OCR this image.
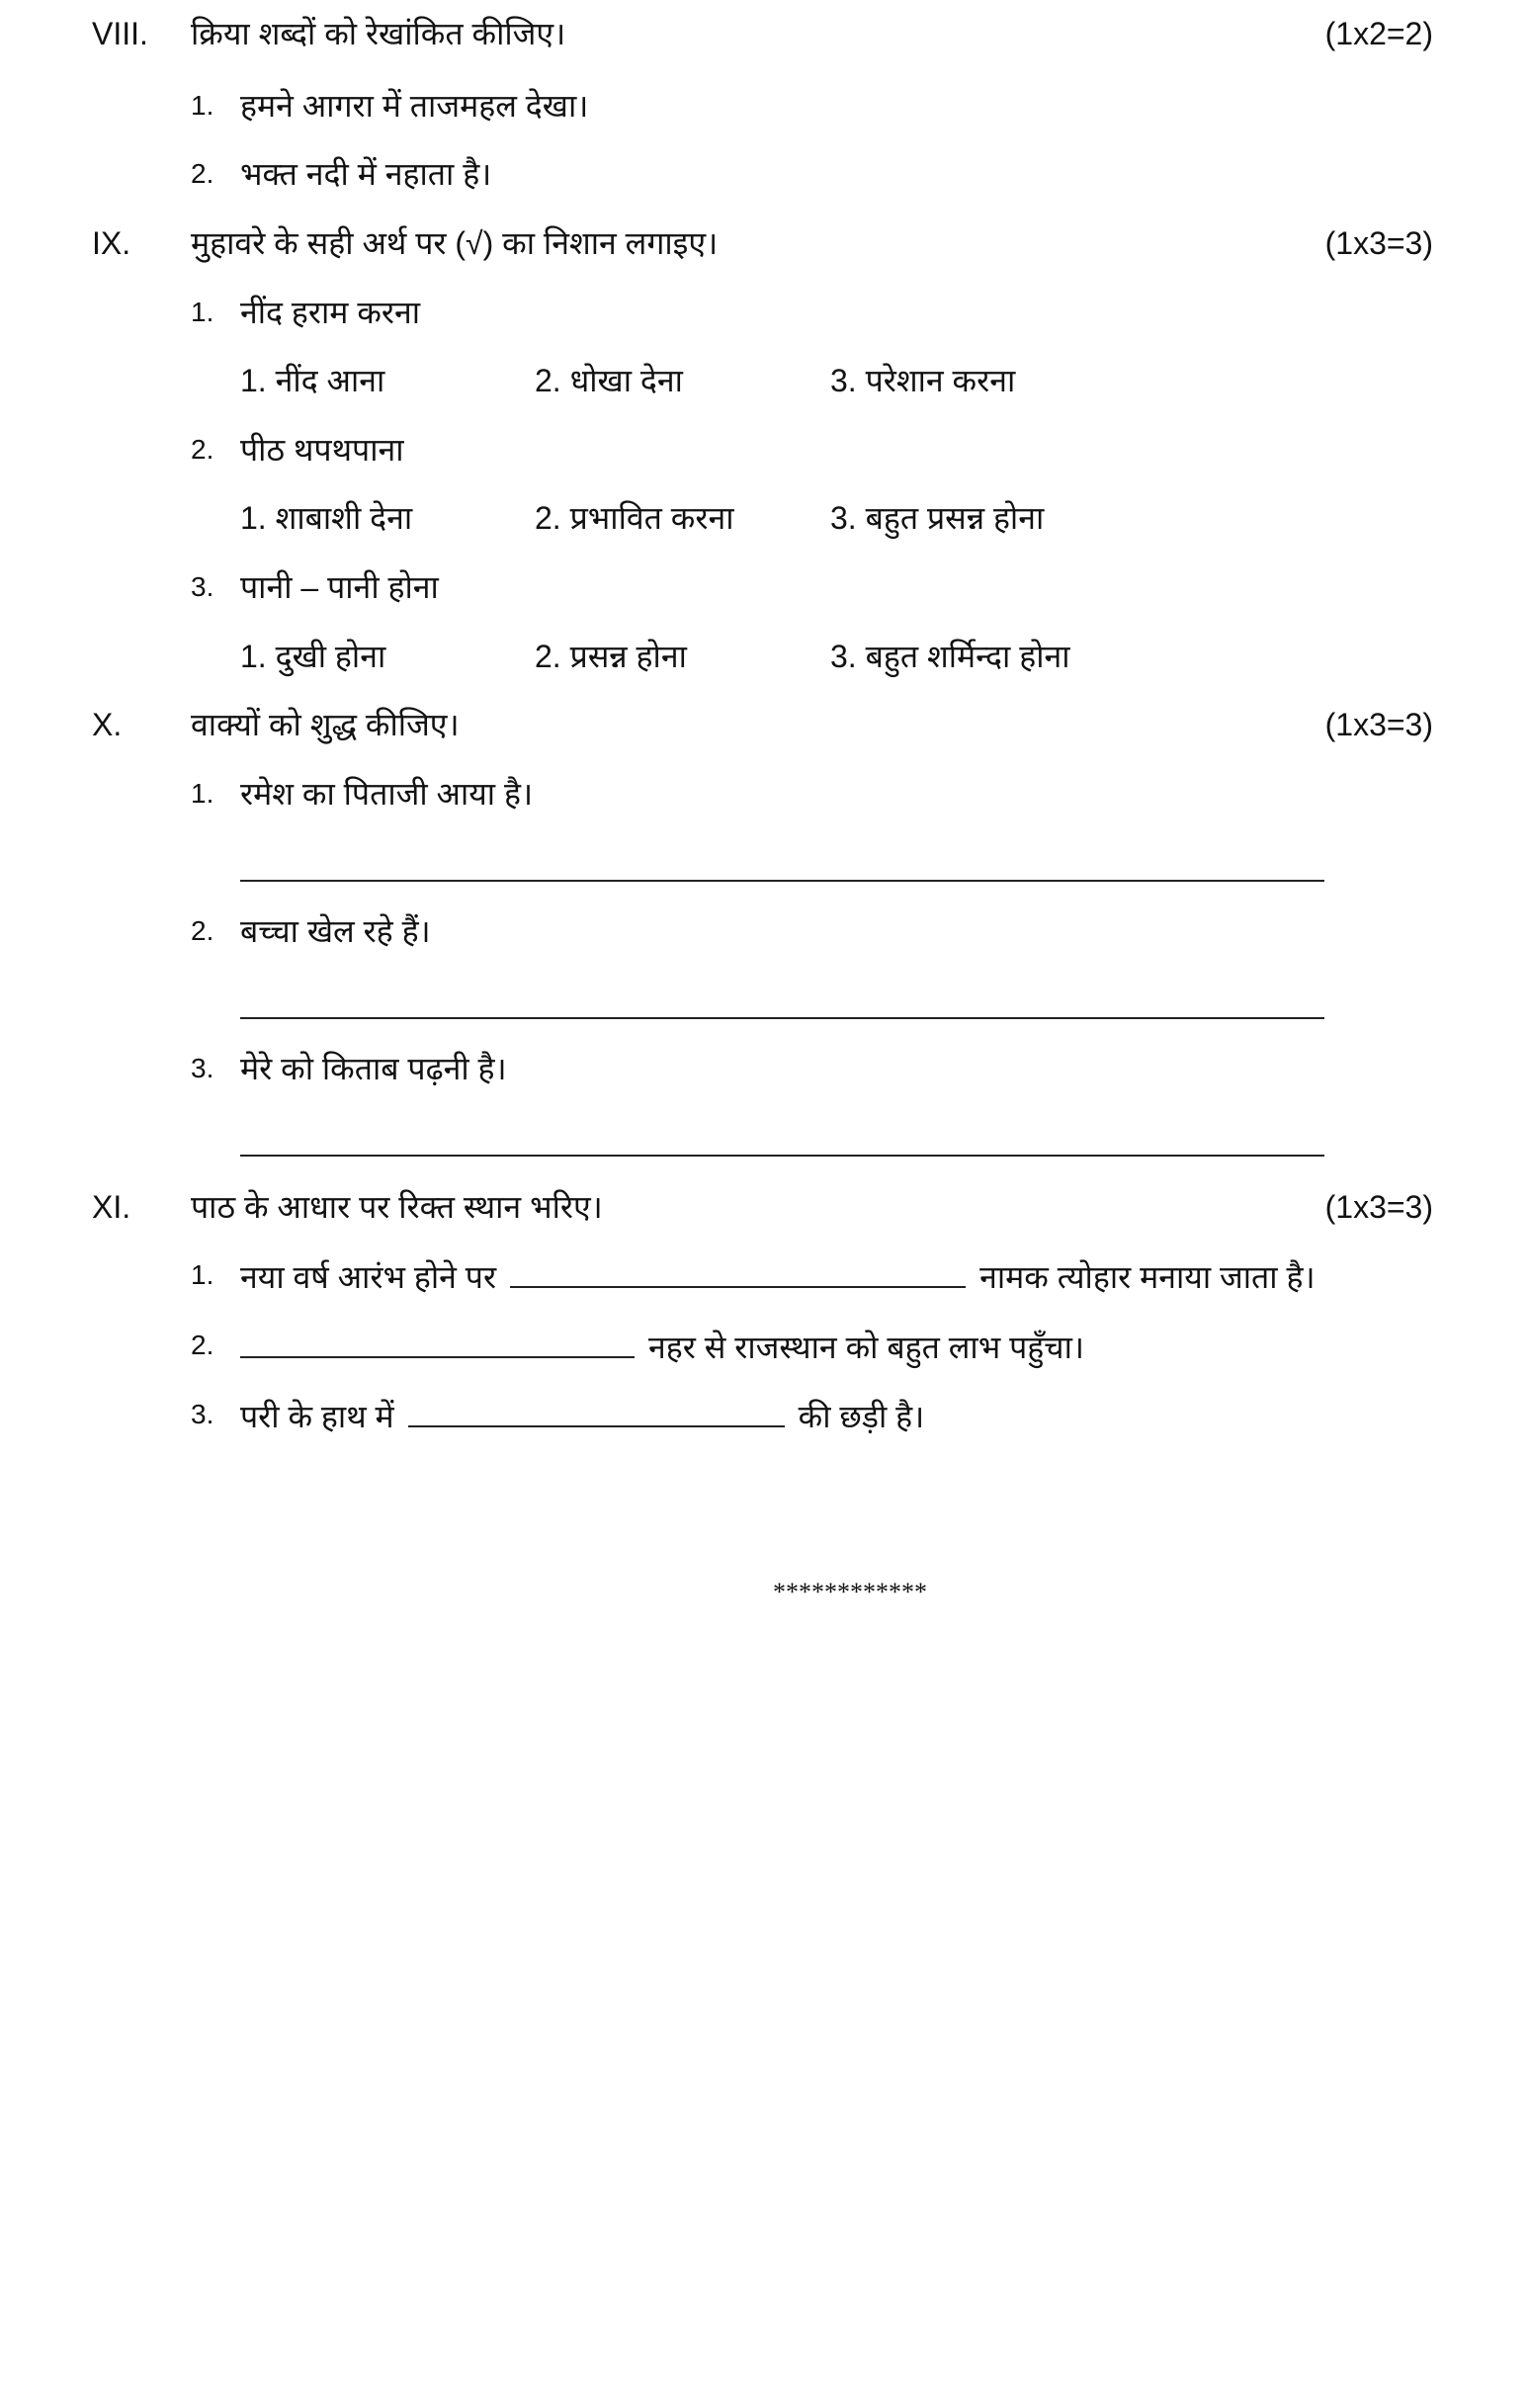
VIII. क्रिया शब्दों को रेखांकित कीजिए।	(1x2=2)
1. हमने आगरा में ताजमहल देखा।
2. भक्त नदी में नहाता है।
IX. मुहावरे के सही अर्थ पर (√) का निशान लगाइए।	(1x3=3)
1. नींद हराम करना
1. नींद आना	2. धोखा देना	3. परेशान करना
2. पीठ थपथपाना
1. शाबाशी देना	2. प्रभावित करना	3. बहुत प्रसन्न होना
3. पानी – पानी होना
1. दुखी होना	2. प्रसन्न होना	3. बहुत शर्मिन्दा होना
X. वाक्यों को शुद्ध कीजिए।	(1x3=3)
1. रमेश का पिताजी आया है।
2. बच्चा खेल रहे हैं।
3. मेरे को किताब पढ़नी है।
XI. पाठ के आधार पर रिक्त स्थान भरिए।	(1x3=3)
1. नया वर्ष आरंभ होने पर	नामक त्योहार मनाया जाता है।
2.	नहर से राजस्थान को बहुत लाभ पहुँचा।
3. परी के हाथ में	की छड़ी है।
************
